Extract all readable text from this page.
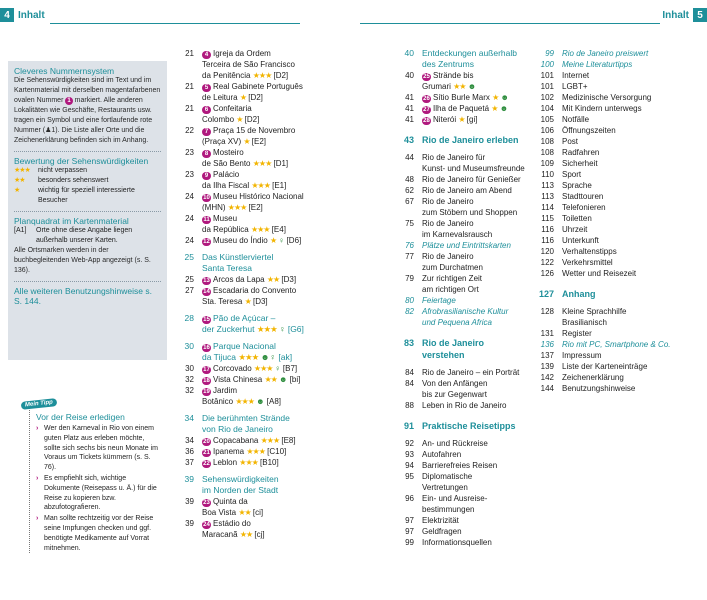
4 Inhalt	Inhalt 5
Cleveres Nummernsystem
Die Sehenswürdigkeiten sind im Text und im Kartenmaterial mit derselben magentafarbenen ovalen Nummer 1 markiert. Alle anderen Lokalitäten wie Geschäfte, Restaurants usw. tragen ein Symbol und eine fortlaufende rote Nummer (♟1). Die Liste aller Orte und die Zeichenerklärung befinden sich im Anhang.
Bewertung der Sehenswürdigkeiten
★★★	nicht verpassen
★★	besonders sehenswert
★	wichtig für speziell interessierte Besucher
Planquadrat im Kartenmaterial
[A1]	Orte ohne diese Angabe liegen außerhalb unserer Karten.
Alle Ortsmarken werden in der buchbegleitenden Web-App angezeigt (s. S. 136).
Alle weiteren Benutzungshinweise s. S. 144.
Mein Tipp
Vor der Reise erledigen
› Wer den Karneval in Rio von einem guten Platz aus erleben möchte, sollte sich sechs bis neun Monate im Voraus um Tickets kümmern (s. S. 76).
› Es empfiehlt sich, wichtige Dokumente (Reisepass u. Ä.) für die Reise zu kopieren bzw. abzufotografieren.
› Man sollte rechtzeitig vor der Reise seine Impfungen checken und ggf. benötigte Medikamente auf Vorrat mitnehmen.
21	4 Igreja da Ordem
Terceira de São Francisco
da Penitência ★★★ [D2]
21	5 Real Gabinete Português
de Leitura ★ [D2]
21	6 Confeitaria
Colombo ★ [D2]
22	7 Praça 15 de Novembro
(Praça XV) ★ [E2]
23	8 Mosteiro
de São Bento ★★★ [D1]
23	9 Palácio
da Ilha Fiscal ★★★ [E1]
24 10 Museu Histórico Nacional
(MHN) ★★★ [E2]
24 11 Museu
da República ★★★ [E4]
24 12 Museu do Índio ★ ♀ [D6]
25 Das Künstlerviertel
Santa Teresa
25 13 Arcos da Lapa ★★ [D3]
27 14 Escadaria do Convento
Sta. Teresa ★ [D3]
28 15 Pão de Açúcar –
der Zuckerhut ★★★ ♀ [G6]
30 16 Parque Nacional
da Tijuca ★★★ ☻♀ [ak]
30 17 Corcovado ★★★ ♀ [B7]
32 18 Vista Chinesa ★★ ☻ [bi]
32 19 Jardim
Botânico ★★★ ☻ [A8]
34 Die berühmten Strände
von Rio de Janeiro
34 20 Copacabana ★★★ [E8]
36 21 Ipanema ★★★ [C10]
37 22 Leblon ★★★ [B10]
39 Sehenswürdigkeiten
im Norden der Stadt
39 23 Quinta da
Boa Vista ★★ [ci]
39 24 Estádio do
Maracanã ★★ [cj]
40 Entdeckungen außerhalb
des Zentrums
40 25 Strände bis
Grumari ★★ ☻
41 26 Sítio Burle Marx ★ ☻
41 27 Ilha de Paquetá ★ ☻
41 28 Niterói ★ [gi]
43 Rio de Janeiro erleben
44 Rio de Janeiro für
Kunst- und Museumsfreunde
48 Rio de Janeiro für Genießer
62 Rio de Janeiro am Abend
67 Rio de Janeiro
zum Stöbern und Shoppen
75 Rio de Janeiro
im Karnevalsrausch
76 Plätze und Eintrittskarten
77 Rio de Janeiro
zum Durchatmen
79 Zur richtigen Zeit
am richtigen Ort
80 Feiertage
82 Afrobrasilianische Kultur
und Pequena Africa
83 Rio de Janeiro
verstehen
84 Rio de Janeiro – ein Porträt
84 Von den Anfängen
bis zur Gegenwart
88 Leben in Rio de Janeiro
91 Praktische Reisetipps
92 An- und Rückreise
93 Autofahren
94 Barrierefreies Reisen
95 Diplomatische
Vertretungen
96 Ein- und Ausreise-
bestimmungen
97 Elektrizität
97 Geldfragen
99 Informationsquellen
99 Rio de Janeiro preiswert
100 Meine Literaturtipps
101 Internet
101 LGBT+
102 Medizinische Versorgung
104 Mit Kindern unterwegs
105 Notfälle
106 Öffnungszeiten
108 Post
108 Radfahren
109 Sicherheit
110 Sport
113 Sprache
113 Stadttouren
114 Telefonieren
115 Toiletten
116 Uhrzeit
116 Unterkunft
120 Verhaltenstipps
122 Verkehrsmittel
126 Wetter und Reisezeit
127 Anhang
128 Kleine Sprachhilfe
Brasilianisch
131 Register
136 Rio mit PC, Smartphone & Co.
137 Impressum
139 Liste der Karteneinträge
142 Zeichenerklärung
144 Benutzungshinweise
